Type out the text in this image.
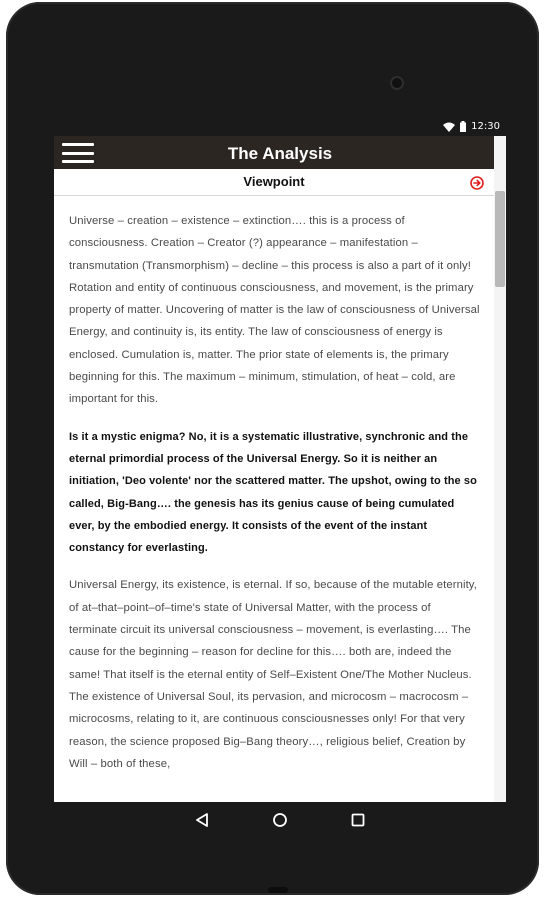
12:30
The Analysis
Viewpoint

Universe – creation – existence – extinction…. this is a process of consciousness. Creation – Creator (?) appearance – manifestation – transmutation (Transmorphism) – decline – this process is also a part of it only! Rotation and entity of continuous consciousness, and movement, is the primary property of matter. Uncovering of matter is the law of consciousness of Universal Energy, and continuity is, its entity. The law of consciousness of energy is enclosed. Cumulation is, matter. The prior state of elements is, the primary beginning for this. The maximum – minimum, stimulation, of heat – cold, are important for this.

Is it a mystic enigma? No, it is a systematic illustrative, synchronic and the eternal primordial process of the Universal Energy. So it is neither an initiation, 'Deo volente' nor the scattered matter. The upshot, owing to the so called, Big-Bang…. the genesis has its genius cause of being cumulated ever, by the embodied energy. It consists of the event of the instant constancy for everlasting.

Universal Energy, its existence, is eternal. If so, because of the mutable eternity, of at–that–point–of–time's state of Universal Matter, with the process of terminate circuit its universal consciousness – movement, is everlasting…. The cause for the beginning – reason for decline for this…. both are, indeed the same! That itself is the eternal entity of Self–Existent One/The Mother Nucleus. The existence of Universal Soul, its pervasion, and microcosm – macrocosm – microcosms, relating to it, are continuous consciousnesses only! For that very reason, the science proposed Big–Bang theory…, religious belief, Creation by Will – both of these,
